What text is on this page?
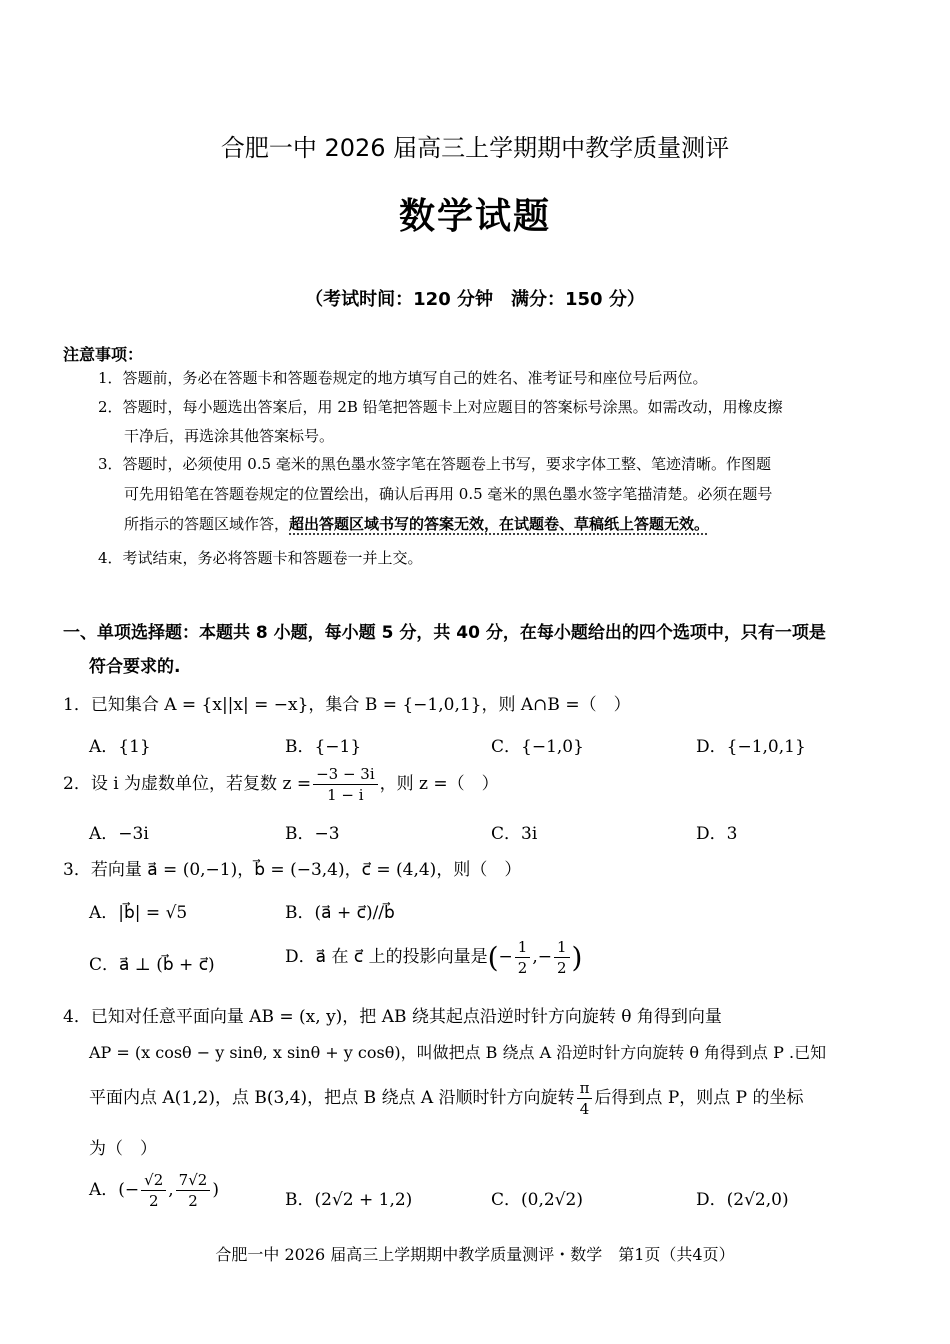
合肥一中 2026 届高三上学期期中教学质量测评
数学试题
（考试时间：120 分钟　满分：150 分）
注意事项：
1．答题前，务必在答题卡和答题卷规定的地方填写自己的姓名、准考证号和座位号后两位。
2．答题时，每小题选出答案后，用 2B 铅笔把答题卡上对应题目的答案标号涂黑。如需改动，用橡皮擦
干净后，再选涂其他答案标号。
3．答题时，必须使用 0.5 毫米的黑色墨水签字笔在答题卷上书写，要求字体工整、笔迹清晰。作图题
可先用铅笔在答题卷规定的位置绘出，确认后再用 0.5 毫米的黑色墨水签字笔描清楚。必须在题号
所指示的答题区域作答，超出答题区域书写的答案无效，在试题卷、草稿纸上答题无效。
4．考试结束，务必将答题卡和答题卷一并上交。
一、单项选择题：本题共 8 小题，每小题 5 分，共 40 分，在每小题给出的四个选项中，只有一项是
符合要求的.
1．已知集合 A = {x||x| = −x}，集合 B = {−1,0,1}，则 A∩B =（　）
A．{1}	B．{−1}	C．{−1,0}	D．{−1,0,1}
2．设 i 为虚数单位，若复数 $z = \frac{-3 - 3i}{1 - i}$ ，则 z =（　）
A．−3i	B．−3	C．3i	D．3
3．若向量 a⃗ = (0,−1)，b⃗ = (−3,4)，c⃗ = (4,4)，则（　）
A．|b⃗| = √5	B．(a⃗ + c⃗)//b⃗
C．a⃗ ⊥ (b⃗ + c⃗)	D．a⃗ 在 c⃗ 上的投影向量是(− $\frac{1}{2}$ ,− $\frac{1}{2}$ )
4．已知对任意平面向量 AB = (x, y)，把 AB 绕其起点沿逆时针方向旋转 θ 角得到向量
AP = (x cosθ − y sinθ, x sinθ + y cosθ)，叫做把点 B 绕点 A 沿逆时针方向旋转 θ 角得到点 P .已知
平面内点 A(1,2)，点 B(3,4)，把点 B 绕点 A 沿顺时针方向旋转 $\frac{\pi}{4}$ 后得到点 P，则点 P 的坐标
为（　）
A．(− $\frac{√2}{2}$ , $\frac{7√2}{2}$ )	B．(2√2 + 1,2)	C．(0,2√2)	D．(2√2,0)
合肥一中 2026 届高三上学期期中教学质量测评・数学　第1页（共4页）
